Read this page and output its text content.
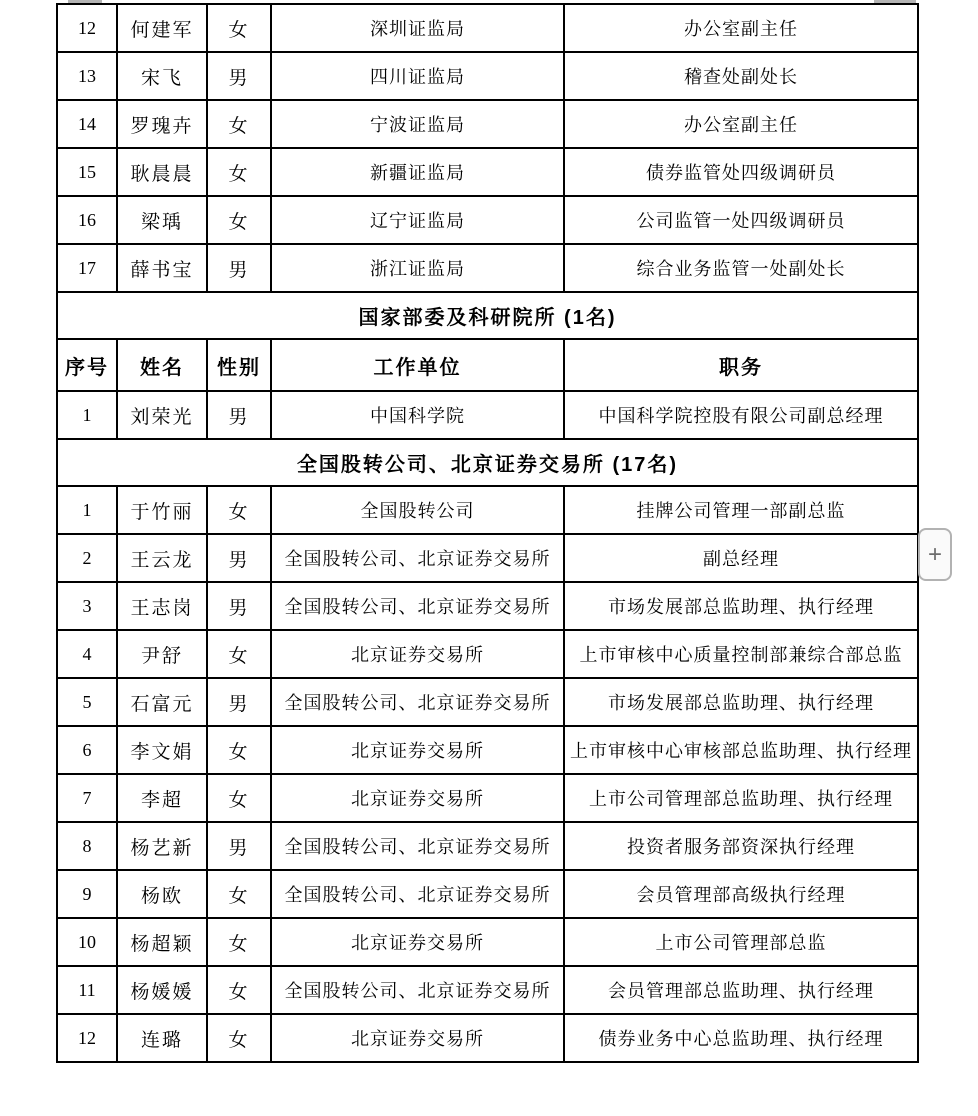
12	何建军	女	深圳证监局	办公室副主任
13	宋飞	男	四川证监局	稽查处副处长
14	罗瑰卉	女	宁波证监局	办公室副主任
15	耿晨晨	女	新疆证监局	债券监管处四级调研员
16	梁瑀	女	辽宁证监局	公司监管一处四级调研员
17	薛书宝	男	浙江证监局	综合业务监管一处副处长
国家部委及科研院所 (1名)				
序号	姓名	性别	工作单位	职务
1	刘荣光	男	中国科学院	中国科学院控股有限公司副总经理
全国股转公司、北京证券交易所 (17名)				
1	于竹丽	女	全国股转公司	挂牌公司管理一部副总监
2	王云龙	男	全国股转公司、北京证券交易所	副总经理
3	王志岗	男	全国股转公司、北京证券交易所	市场发展部总监助理、执行经理
4	尹舒	女	北京证券交易所	上市审核中心质量控制部兼综合部总监
5	石富元	男	全国股转公司、北京证券交易所	市场发展部总监助理、执行经理
6	李文娟	女	北京证券交易所	上市审核中心审核部总监助理、执行经理
7	李超	女	北京证券交易所	上市公司管理部总监助理、执行经理
8	杨艺新	男	全国股转公司、北京证券交易所	投资者服务部资深执行经理
9	杨欧	女	全国股转公司、北京证券交易所	会员管理部高级执行经理
10	杨超颖	女	北京证券交易所	上市公司管理部总监
11	杨媛媛	女	全国股转公司、北京证券交易所	会员管理部总监助理、执行经理
12	连璐	女	北京证券交易所	债券业务中心总监助理、执行经理
+
